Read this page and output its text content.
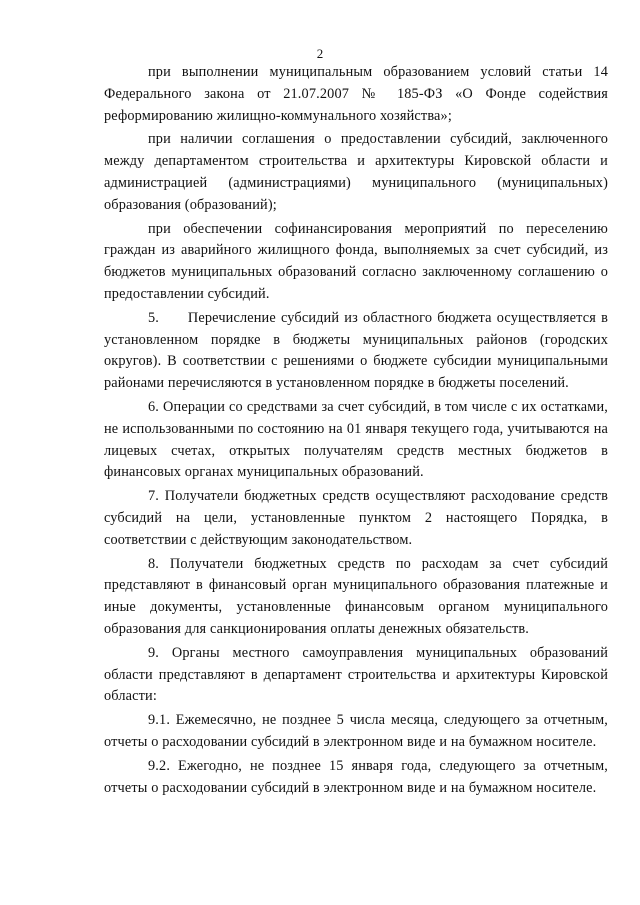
2

при выполнении муниципальным образованием условий статьи 14 Федерального закона от 21.07.2007 № 185-ФЗ «О Фонде содействия реформированию жилищно-коммунального хозяйства»;

при наличии соглашения о предоставлении субсидий, заключенного между департаментом строительства и архитектуры Кировской области и администрацией (администрациями) муниципального (муниципальных) образования (образований);

при обеспечении софинансирования мероприятий по переселению граждан из аварийного жилищного фонда, выполняемых за счет субсидий, из бюджетов муниципальных образований согласно заключенному соглашению о предоставлении субсидий.

5.  Перечисление субсидий из областного бюджета осуществляется в установленном порядке в бюджеты муниципальных районов (городских округов). В соответствии с решениями о бюджете субсидии муниципальными районами перечисляются в установленном порядке в бюджеты поселений.

6. Операции со средствами за счет субсидий, в том числе с их остатками, не использованными по состоянию на 01 января текущего года, учитываются на лицевых счетах, открытых получателям средств местных бюджетов в финансовых органах муниципальных образований.

7. Получатели бюджетных средств осуществляют расходование средств субсидий на цели, установленные пунктом 2 настоящего Порядка, в соответствии с действующим законодательством.

8. Получатели бюджетных средств по расходам за счет субсидий представляют в финансовый орган муниципального образования платежные и иные документы, установленные финансовым органом муниципального образования для санкционирования оплаты денежных обязательств.

9. Органы местного самоуправления муниципальных образований области представляют в департамент строительства и архитектуры Кировской области:

9.1. Ежемесячно, не позднее 5 числа месяца, следующего за отчетным, отчеты о расходовании субсидий в электронном виде и на бумажном носителе.

9.2. Ежегодно, не позднее 15 января года, следующего за отчетным, отчеты о расходовании субсидий в электронном виде и на бумажном носителе.
